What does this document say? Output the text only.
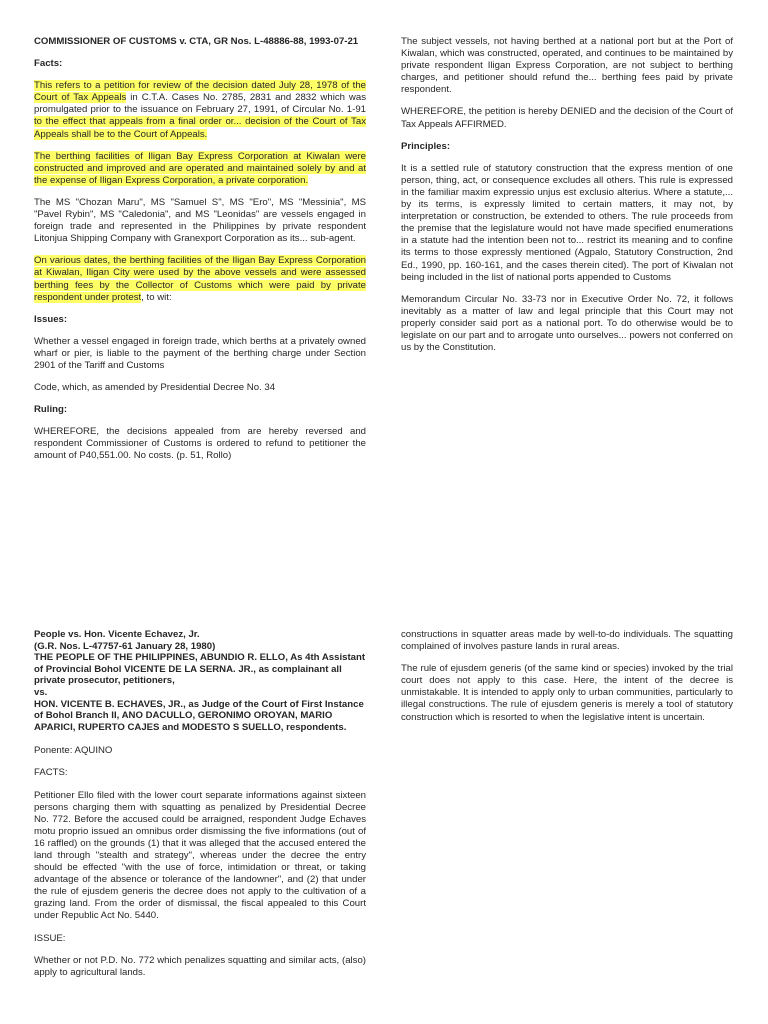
COMMISSIONER OF CUSTOMS v. CTA, GR Nos. L-48886-88, 1993-07-21

Facts:

This refers to a petition for review of the decision dated July 28, 1978 of the Court of Tax Appeals in C.T.A. Cases No. 2785, 2831 and 2832 which was promulgated prior to the issuance on February 27, 1991, of Circular No. 1-91 to the effect that appeals from a final order or... decision of the Court of Tax Appeals shall be to the Court of Appeals.

The berthing facilities of Iligan Bay Express Corporation at Kiwalan were constructed and improved and are operated and maintained solely by and at the expense of Iligan Express Corporation, a private corporation.

The MS "Chozan Maru", MS "Samuel S", MS "Ero", MS "Messinia", MS "Pavel Rybin", MS "Caledonia", and MS "Leonidas" are vessels engaged in foreign trade and represented in the Philippines by private respondent Litonjua Shipping Company with Granexport Corporation as its... sub-agent.

On various dates, the berthing facilities of the Iligan Bay Express Corporation at Kiwalan, Iligan City were used by the above vessels and were assessed berthing fees by the Collector of Customs which were paid by private respondent under protest, to wit:

Issues:

Whether a vessel engaged in foreign trade, which berths at a privately owned wharf or pier, is liable to the payment of the berthing charge under Section 2901 of the Tariff and Customs

Code, which, as amended by Presidential Decree No. 34

Ruling:

WHEREFORE, the decisions appealed from are hereby reversed and respondent Commissioner of Customs is ordered to refund to petitioner the amount of P40,551.00. No costs. (p. 51, Rollo)

The subject vessels, not having berthed at a national port but at the Port of Kiwalan, which was constructed, operated, and continues to be maintained by private respondent Iligan Express Corporation, are not subject to berthing charges, and petitioner should refund the... berthing fees paid by private respondent.

WHEREFORE, the petition is hereby DENIED and the decision of the Court of Tax Appeals AFFIRMED.

Principles:

It is a settled rule of statutory construction that the express mention of one person, thing, act, or consequence excludes all others. This rule is expressed in the familiar maxim expressio unjus est exclusio alterius. Where a statute,... by its terms, is expressly limited to certain matters, it may not, by interpretation or construction, be extended to others. The rule proceeds from the premise that the legislature would not have made specified enumerations in a statute had the intention been not to... restrict its meaning and to confine its terms to those expressly mentioned (Agpalo, Statutory Construction, 2nd Ed., 1990, pp. 160-161, and the cases therein cited). The port of Kiwalan not being included in the list of national ports appended to Customs

Memorandum Circular No. 33-73 nor in Executive Order No. 72, it follows inevitably as a matter of law and legal principle that this Court may not properly consider said port as a national port. To do otherwise would be to legislate on our part and to arrogate unto ourselves... powers not conferred on us by the Constitution.

People vs. Hon. Vicente Echavez, Jr.
(G.R. Nos. L-47757-61 January 28, 1980)
THE PEOPLE OF THE PHILIPPINES, ABUNDIO R. ELLO, As 4th Assistant of Provincial Bohol VICENTE DE LA SERNA. JR., as complainant all private prosecutor, petitioners,
vs.
HON. VICENTE B. ECHAVES, JR., as Judge of the Court of First Instance of Bohol Branch II, ANO DACULLO, GERONIMO OROYAN, MARIO APARICI, RUPERTO CAJES and MODESTO S SUELLO, respondents.

Ponente: AQUINO

FACTS:

Petitioner Ello filed with the lower court separate informations against sixteen persons charging them with squatting as penalized by Presidential Decree No. 772. Before the accused could be arraigned, respondent Judge Echaves motu proprio issued an omnibus order dismissing the five informations (out of 16 raffled) on the grounds (1) that it was alleged that the accused entered the land through "stealth and strategy", whereas under the decree the entry should be effected "with the use of force, intimidation or threat, or taking advantage of the absence or tolerance of the landowner", and (2) that under the rule of ejusdem generis the decree does not apply to the cultivation of a grazing land. From the order of dismissal, the fiscal appealed to this Court under Republic Act No. 5440.

ISSUE:

Whether or not P.D. No. 772 which penalizes squatting and similar acts, (also) apply to agricultural lands.

constructions in squatter areas made by well-to-do individuals. The squatting complained of involves pasture lands in rural areas.

The rule of ejusdem generis (of the same kind or species) invoked by the trial court does not apply to this case. Here, the intent of the decree is unmistakable. It is intended to apply only to urban communities, particularly to illegal constructions. The rule of ejusdem generis is merely a tool of statutory construction which is resorted to when the legislative intent is uncertain.
